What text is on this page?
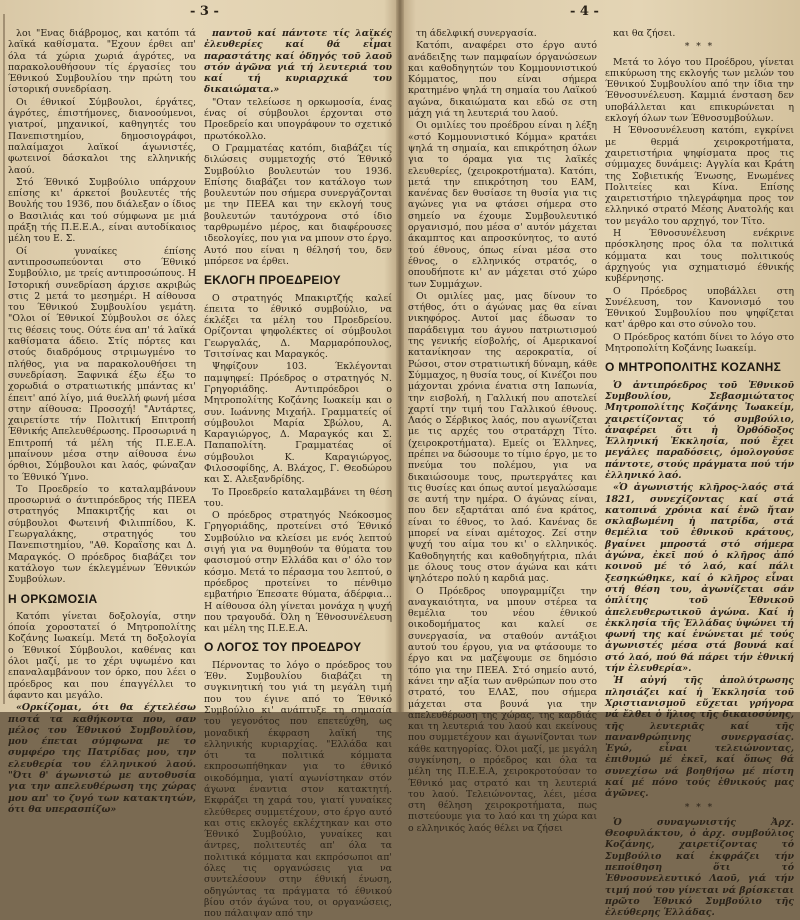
- 3 -

λοι "Ενας διάβρομος, και κατόπι τά λαϊκά καθίσματα. "Εχουν έρθει απ' όλα τά χώρια χωριά άγρότες, να παρακολουθήσουν τίς έργασίες του Έθνικού Συμβουλίου την πρώτη του ίστορική συνεδρίαση.

Οι έθνικοί Σύμβουλοι, έργάτες, άγρότες, έπιστήμονες, διανοούμενοι, γιατροί, μηχανικοί, καθηγητές του Πανεπιστημίου, δημοσιογράφοι, παλαίμαχοι λαϊκοί άγωνιστές, φωτεινοί δάσκαλοι της ελληνικής λαού.

Στό Έθνικό Συμβούλιο υπάρχουν επίσης κι' άρκετοί βουλευτές τής Βουλής του 1936, που διάλεξαν ο ίδιος ο Βασιλιάς και τού σύμφωνα με μιά πράξη τής Π.Ε.Ε.Α., είναι αυτοδίκαιος μέλη του Ε. Σ.

Οί γυναίκες έπίσης αντιπροσωπεύονται στο Έθνικό Συμβούλιο, με τρείς αντιπροσώπους. Η Ιστορική συνεδρίαση άρχισε ακριβώς στις 2 μετά το μεσημέρι. Η αίθουσα του Έθνικού Συμβουλίου γεμάτη. "Ολοι οί Έθνικοί Σύμβουλοι σε όλες τις θέσεις τους. Ούτε ένα απ' τά λαϊκά καθίσματα άδειο. Στίς πόρτες και στούς διαδρόμους στριμωγμένο το πλήθος, για να παρακολουθήσει τη συνεδρίαση. Ξαφνικά έξω έξω το χορωδιά ο στρατιωτικής μπάντας κι' έπειτ' από λίγο, μιά θυελλή φωνή μέσα στην αίθουσα: Προσοχή! "Αντάρτες, χαιρετίστε τήν Πολιτική Επιτροπή Έθνικής Απελευθέρωσης. Προσωρινά η Επιτροπή τά μέλη τής Π.Ε.Ε.Α. μπαίνουν μέσα στην αίθουσα ένω όρθιοι, Σύμβουλοι και λαός, φώναζαν το Έθνικό Ύμνο.

Το Προεδρείο το καταλαμβάνουν προσωρινά ο άντιπρόεδρος τής ΠΕΕΑ στρατηγός Μπακιρτζής και οι σύμβουλοι Φωτεινή Φιλιππίδου, Κ. Γεωργαλάκης, στρατηγός του Πανεπιστημίου, "Αθ. Κοραΐσης και Δ. Μαραγκός. Ο πρόεδρος διαβάζει τον κατάλογο των έκλεγμένων Έθνικών Συμβούλων.

Η ΟΡΚΩΜΟΣΙΑ

Κατόπι γίνεται δοξολογία, στην όποία χοροστατεί ό Μητροπολίτης Κοζάνης Ιωακείμ. Μετά τη δοξολογία ο Έθνικοί Σύμβουλοι, καθένας και όλοι μαζί, με το χέρι υψωμένο και επαναλαμβάνουν τον όρκο, που λέει ο πρόεδρος και που έπαγγέλλει το άφαντο και μεγάλο.

«Ορκίζομαι, ότι θα έχτελέσω πιστά τα καθήκοντα που, σαν μέλος του Έθνικού Συμβουλίου, μου έπεται σύμφωνα με το συμφέρο της Πατρίδας μου, την ελευθερία του έλληνικού λαού. "Ότι θ' άγωνιστώ με αυτοθυσία για την απελευθέρωση της χώρας μου απ' το ζυγό των κατακτητών, ότι θα υπερασπίζω»

παντοῦ καί πάντοτε τίς λαϊκές ἐλευθερίες καί θά εἶμαι παραστάτης καί ὁδηγός τοῦ λαοῦ στόν ἀγῶνα γιά τή λευτεριά του καί τή κυριαρχικά του δικαιώματα.»

"Οταν τελείωσε η ορκωμοσία, ένας ένας οί σύμβουλοι έρχονται στο Προεδρείο και υπογράφουν το σχετικό πρωτόκολλο.

Ο Γραμματέας κατόπι, διαβάζει τίς διλώσεις συμμετοχής στό Έθνικό Συμβούλιο βουλευτών του 1936. Επίσης διαβάζει τον κατάλογο των βουλευτών που σήμερα συνεργάζονται με την ΠΕΕΑ και την εκλογή τους βουλευτών ταυτόχρονα στό ίδιο ταρθρωμένο μέρος, και διαφέρουσες ιδεολογίες, που για να μπουν στο έργο. Αυτό που είναι η θέλησή του, δεν μπόρεσε να έρθει.

ΕΚΛΟΓΗ ΠΡΟΕΔΡΕΙΟΥ

Ο στρατηγός Μπακιρτζής καλεί έπειτα το έθνικό συμβούλιο, να έκλέξει τα μέλη του Προεδρείου. Ορίζονται ψηφολέκτες οί σύμβουλοι Γεωργαλάς, Δ. Μαρμαρόπουλος, Τσιτσίνας και Μαραγκός.

Ψηφίζουν 103. Έκλέγονται παμψηφεί: Πρόεδρος ο στρατηγός Ν. Γρηγοριάδης. Αντιπρόεδροι ο Μητροπολίτης Κοζάνης Ιωακείμ και ο συν. Ιωάννης Μιχαήλ. Γραμματείς οί σύμβουλοι Μαρία Σβώλου, Α. Καραγιώργος, Δ. Μαραγκός και Σ. Παπαπολίτη. Γραμματέας οί σύμβουλοι Κ. Καραγιώργος, Φιλοσοφίδης, Α. Βλάχος, Γ. Θεοδώρου και Σ. Αλεξανδρίδης.

Το Προεδρείο καταλαμβάνει τη θέση του.

Ο πρόεδρος στρατηγός Νεόκοσμος Γρηγοριάδης, προτείνει στό Έθνικό Συμβούλιο να κλείσει με ενός λεπτού σιγή για να θυμηθούν τα θύματα του φασισμού στην Ελλάδα και σ' όλο τον κόσμο. Μετά το πέρασμα του λεπτού, ο πρόεδρος προτείνει το πένθιμο εμβατήριο Έπεσατε θύματα, άδέρφια... Η αίθουσα όλη γίνεται μονάχα η ψυχή που τραγουδά. Όλη η Έθνοσυνέλευση και μέλη της Π.Ε.Ε.Α.

Ο ΛΟΓΟΣ ΤΟΥ ΠΡΟΕΔΡΟΥ

Πέρνοντας το λόγο ο πρόεδρος του Έθν. Συμβουλίου διαβάζει τη συγκινητική του γιά τη μεγάλη τιμή που του έγινε από το Έθνικό Συμβούλιο κι' ανάπτυξε τη σημασία του γεγονότος που επετεύχθη, ως μοναδική έκφραση λαϊκή της ελληνικής κυριαρχίας. "Ελλάδα και ότι τα πολιτικά κόμματα εκπροσωπήθηκαν για το έθνικό οικοδόμημα, γιατί αγωνίστηκαν στόν άγωνα έναντια στον κατακτητή. Εκφράζει τη χαρά του, γιατί γυναίκες ελεύθερες συμμετέχουν, στο έργο αυτό και στις εκλογές εκλέχτηκαν και στο Έθνικό Συμβούλιο, γυναίκες και άντρες, πολιτευτές απ' όλα τα πολιτικά κόμματα και εκπρόσωποι απ' όλες τις οργανώσεις για να συντελέσουν στην έθνική ένωση, οδηγώντας τα πράγματα τό έθνικού βίου στόν άγώνα του, οι οργανώσεις, που πάλαιψαν από την

- 4 -

τη άδελφική συνεργασία.

Κατόπι, αναφέρει στο έργο αυτό ανάδειξης των παμφαίων όργανώσεων και καθοδηγητών του Κομμουνιστικού Κόμματος, που είναι σήμερα κρατημένο ψηλά τη σημαία του Λαϊκού αγώνα, δικαιώματα και εδώ σε στη μάχη γιά τη λευτεριά του λαού.

Οι ομιλίες του προέδρου είναι η λέξη «στό Κομμουνιστικό Κόμμα» κρατάει ψηλά τη σημαία, και επικρότηση όλων για το όραμα για τις λαϊκές ελευθερίες, (χειροκροτήματα). Κατόπι, μετά την επικρότηση του ΕΑΜ, κανένας δεν θυσίασε τη θυσία για τις αγώνες για να φτάσει σήμερα στο σημείο να έχουμε Συμβουλευτικό οργανισμό, που μέσα σ' αυτόν μάχεται άκαμπτος και απροσκύνητος, το αυτό τού έθνους, όπως είναι μέσα στο έθνος, ο ελληνικός στρατός, ο οπουδήποτε κι' αν μάχεται στό χώρο των Συμμάχων.

Οι ομιλίες μας, μας δίνουν το στήθος, ότι ο άγώνας μας θα είναι νικηφόρος. Αυτοί μας έδωσαν το παράδειγμα του άγνου πατριωτισμού της γενικής είσβολής, οί Αμερικανοί κατανίκησαν της αεροκρατία, οί Ρώσοι, στον στρατιωτική δύναμη, κάθε Σύμμαχος, η θυσία τους, οί Κινέζοι που μάχονται χρόνια ένατια στη Ιαπωνία, την εισβολή, η Γαλλική που αποτελεί χαρτί την τιμή του Γαλλικού έθνους. Λαός ο Σέρβικος λαός, που αγωνίζεται με τις αρχές του στρατάρχη Τίτο. (χειροκροτήματα). Εμείς οι Έλληνες, πρέπει να δώσουμε το τίμιο έργο, με το πνεύμα του πολέμου, για να δικαιώσουμε τους, πρωτεργάτες και τις θυσίες και όπως αυτοί μεγαλώσαμε σε αυτή την ημέρα. Ο άγώνας είναι, που δεν εξαρτάται από ένα κράτος, είναι το έθνος, το λαό. Κανένας δε μπορεί να είναι αμέτοχος. Ζεί στην ψυχή του αίμα του κι' ο ελληνικός. Καθοδηγητής και καθοδηγήτρια, πλάι με όλους τους στον άγώνα και κάτι ψηλότερο πολύ η καρδιά μας.

Ο Πρόεδρος υπογραμμίζει την αναγκαιότητα, να μπουν στέρεα τα θεμέλια του νέου έθνικού οικοδομήματος και καλεί σε συνεργασία, να σταθούν αντάξιοι αυτού του έργου, για να φτάσουμε το έργο και να μαζέψουμε σε δημόσιο τόπο για την ΠΕΕΑ. Στό σημείο αυτό, κάνει την αξία των ανθρώπων που στο στρατό, του ΕΛΑΣ, που σήμερα μάχεται στα βουνά για την απελευθέρωση της χώρας, της καρδιάς και τη λευτεριά του λαού και εκείνους που συμμετέχουν και άγωνίζονται των κάθε κατηγορίας. Όλοι μαζί, με μεγάλη συγκίνηση, ο πρόεδρος και όλα τα μέλη της Π.Ε.Ε.Α, χειροκροτούσαν το Έθνικό μας στρατό και τη λευτεριά του λαού. Τελειώνοντας, λέει, μέσα στη θέληση χειροκροτήματα, πως πιστεύουμε για το λαό και τη χώρα και ο ελληνικός λαός θέλει να ζήσει

και θα ζήσει.

* * *

Μετά το λόγο του Προέδρου, γίνεται επικύρωση της εκλογής των μελών του Έθνικού Συμβουλίου από την ίδια την Έθνοσυνέλευση. Καμμιά ένσταση δεν υποβάλλεται και επικυρώνεται η εκλογή όλων των Έθνοσυμβούλων.

Η Έθνοσυνέλευση κατόπι, εγκρίνει με θερμά χειροκροτήματα, χαιρετιστήρια ψηφίσματα προς τις σύμμαχες δυνάμεις: Αγγλία και Κράτη της Σοβιετικής Ένωσης, Ενωμένες Πολιτείες και Κίνα. Επίσης χαιρετιστήριο τηλεγράφημα προς τον ελληνικό στρατό Μέσης Ανατολής και τον μεγάλο του αρχηγό, τον Τίτο.

Η Έθνοσυνέλευση ενέκρινε πρόσκλησης προς όλα τα πολιτικά κόμματα και τους πολιτικούς άρχηγούς για σχηματισμό έθνικής κυβέρνησης.

Ο Πρόεδρος υποβάλλει στη Συνέλευση, τον Κανονισμό του Έθνικού Συμβουλίου που ψηφίζεται κατ' άρθρο και στο σύνολο του.

Ο Πρόεδρος κατόπι δίνει το λόγο στο Μητροπολίτη Κοζάνης Ιωακείμ.

Ο ΜΗΤΡΟΠΟΛΙΤΗΣ ΚΟΖΑΝΗΣ

Ὁ ἀντιπρόεδρος τοῦ Ἐθνικοῦ Συμβουλίου, Σεβασμιώτατος Μητροπολίτης Κοζάνης Ἰωακείμ, χαιρετίζοντας τό συμβούλιο, ἀναφέρει ὅτι ἡ Ὀρθόδοξος Ἑλληνική Ἐκκλησία, πού ἔχει μεγάλες παραδόσεις, ὁμολογούσε πάντοτε, στούς πράγματα πού τήν ἐλληνικό λαό.

«Ὁ ἀγωνιστής κλῆρος-λαός στά 1821, συνεχίζοντας καί στά κατοπινά χρόνια καί ἐνῶ ἤταν σκλαβωμένη ἡ πατρίδα, στά θεμέλια τοῦ ἐθνικοῦ κράτους, βγαίνει μπροστά στό σήμερα ἀγώνα, ἐκεῖ πού ὁ κλῆρος ἀπό κοινοῦ μέ τό λαό, καί πάλι ξεσηκώθηκε, καί ὁ κλῆρος εἶναι στή θέση του, ἀγωνίζεται σάν ὁπλίτης τοῦ Ἐθνικοῦ ἀπελευθερωτικοῦ ἀγώνα. Καί ἡ ἐκκλησία τῆς Ἑλλάδας ὑψώνει τή φωνή της καί ἑνώνεται μέ τούς ἀγωνιστές μέσα στά βουνά καί στό λαό, πού θά πάρει τήν ἐθνική τήν ἐλευθερία».

Ἡ αὐγή τῆς ἀπολύτρωσης πλησιάζει καί ἡ Ἐκκλησία τοῦ Χριστιανισμοῦ εὔχεται γρήγορα νά ἔλθει ὁ ἥλιος τῆς δικαιοσύνης, τῆς λευτεριᾶς καί τῆς πανανθρώπινης συνεργασίας. Ἐγώ, εἶναι τελειώνοντας, ἐπιθυμώ μέ ἐκεῖ, καί ὅπως θά συνεχίσω νά βοηθήσω μέ πίστη καί μέ πόνο τούς ἐθνικούς μας ἀγῶνες.

* * *

Ὁ συναγωνιστής Ἀρχ. Θεοφυλάκτου, ὁ ἀρχ. συμβούλιος Κοζάνης, χαιρετίζοντας τό Συμβούλιο καί ἐκφράζει τήν πεποίθηση ὅτι τό Ἐθνοσυνελευτικό Λαοῦ, γιά τήν τιμή πού του γίνεται νά βρίσκεται πρῶτο Ἐθνικό Συμβούλιο τῆς ἐλεύθερης Ἑλλάδας.
